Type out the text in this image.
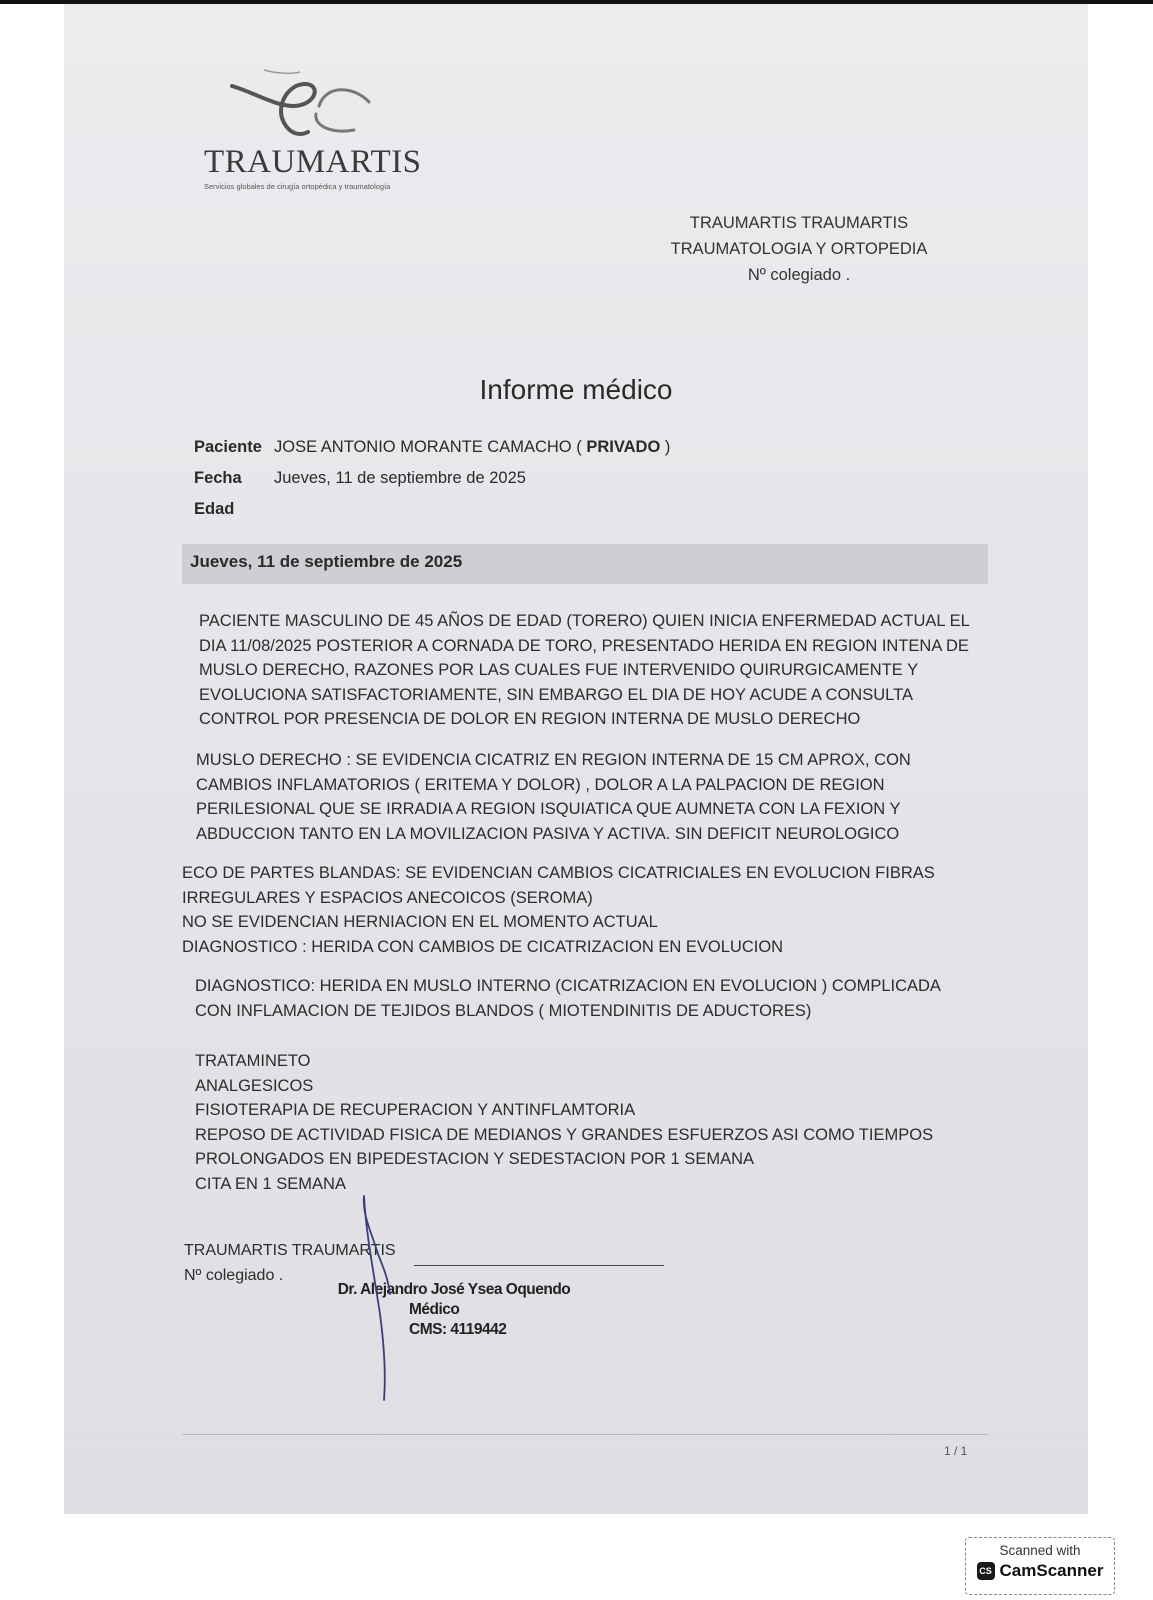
TRAUMARTIS
Servicios globales de cirugía ortopédica y traumatología
TRAUMARTIS TRAUMARTIS
TRAUMATOLOGIA Y ORTOPEDIA
Nº colegiado .
Informe médico
Paciente JOSE ANTONIO MORANTE CAMACHO ( PRIVADO )
Fecha	Jueves, 11 de septiembre de 2025
Edad
Jueves, 11 de septiembre de 2025
PACIENTE MASCULINO DE 45 AÑOS DE EDAD (TORERO) QUIEN INICIA ENFERMEDAD ACTUAL EL
DIA 11/08/2025 POSTERIOR A CORNADA DE TORO, PRESENTADO HERIDA EN REGION INTENA DE
MUSLO DERECHO, RAZONES POR LAS CUALES FUE INTERVENIDO QUIRURGICAMENTE Y
EVOLUCIONA SATISFACTORIAMENTE, SIN EMBARGO EL DIA DE HOY ACUDE A CONSULTA
CONTROL POR PRESENCIA DE DOLOR EN REGION INTERNA DE MUSLO DERECHO
MUSLO DERECHO : SE EVIDENCIA CICATRIZ EN REGION INTERNA DE 15 CM APROX, CON
CAMBIOS INFLAMATORIOS ( ERITEMA Y DOLOR) , DOLOR A LA PALPACION DE REGION
PERILESIONAL QUE SE IRRADIA A REGION ISQUIATICA QUE AUMNETA CON LA FEXION Y
ABDUCCION TANTO EN LA MOVILIZACION PASIVA Y ACTIVA. SIN DEFICIT NEUROLOGICO
ECO DE PARTES BLANDAS: SE EVIDENCIAN CAMBIOS CICATRICIALES EN EVOLUCION FIBRAS
IRREGULARES Y ESPACIOS ANECOICOS (SEROMA)
NO SE EVIDENCIAN HERNIACION EN EL MOMENTO ACTUAL
DIAGNOSTICO : HERIDA CON CAMBIOS DE CICATRIZACION EN EVOLUCION
DIAGNOSTICO: HERIDA EN MUSLO INTERNO (CICATRIZACION EN EVOLUCION ) COMPLICADA
CON INFLAMACION DE TEJIDOS BLANDOS ( MIOTENDINITIS DE ADUCTORES)
TRATAMINETO
ANALGESICOS
FISIOTERAPIA DE RECUPERACION Y ANTINFLAMTORIA
REPOSO DE ACTIVIDAD FISICA DE MEDIANOS Y GRANDES ESFUERZOS ASI COMO TIEMPOS
PROLONGADOS EN BIPEDESTACION Y SEDESTACION POR 1 SEMANA
CITA EN 1 SEMANA
TRAUMARTIS TRAUMARTIS
Nº colegiado .
Dr. Alejandro José Ysea Oquendo
Médico
CMS: 4119442
1 / 1
Scanned with
CS CamScanner
